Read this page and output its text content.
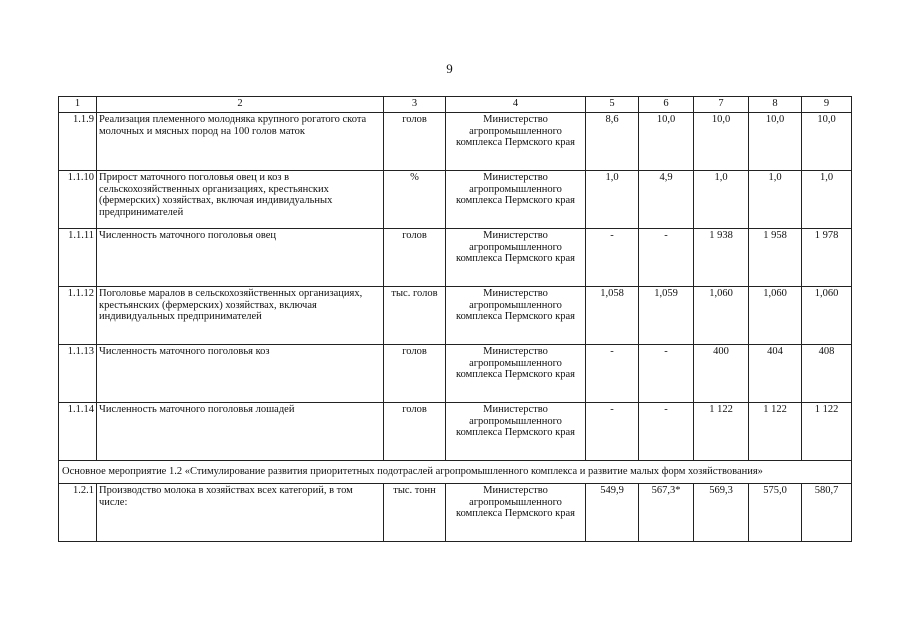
9
1	2	3	4	5	6	7	8	9
1.1.9	Реализация племенного молодняка крупного рогатого скота молочных и мясных пород на 100 голов маток	голов	Министерство агропромышленного комплекса Пермского края	8,6	10,0	10,0	10,0	10,0
1.1.10	Прирост маточного поголовья овец и коз в сельскохозяйственных организациях, крестьянских (фермерских) хозяйствах, включая индивидуальных предпринимателей	%	Министерство агропромышленного комплекса Пермского края	1,0	4,9	1,0	1,0	1,0
1.1.11	Численность маточного поголовья овец	голов	Министерство агропромышленного комплекса Пермского края	-	-	1 938	1 958	1 978
1.1.12	Поголовье маралов в сельскохозяйственных организациях, крестьянских (фермерских) хозяйствах, включая индивидуальных предпринимателей	тыс. голов	Министерство агропромышленного комплекса Пермского края	1,058	1,059	1,060	1,060	1,060
1.1.13	Численность маточного поголовья коз	голов	Министерство агропромышленного комплекса Пермского края	-	-	400	404	408
1.1.14	Численность маточного поголовья лошадей	голов	Министерство агропромышленного комплекса Пермского края	-	-	1 122	1 122	1 122
Основное мероприятие 1.2 «Стимулирование развития приоритетных подотраслей агропромышленного комплекса и развитие малых форм хозяйствования»								
1.2.1	Производство молока в хозяйствах всех категорий, в том числе:	тыс. тонн	Министерство агропромышленного комплекса Пермского края	549,9	567,3*	569,3	575,0	580,7
